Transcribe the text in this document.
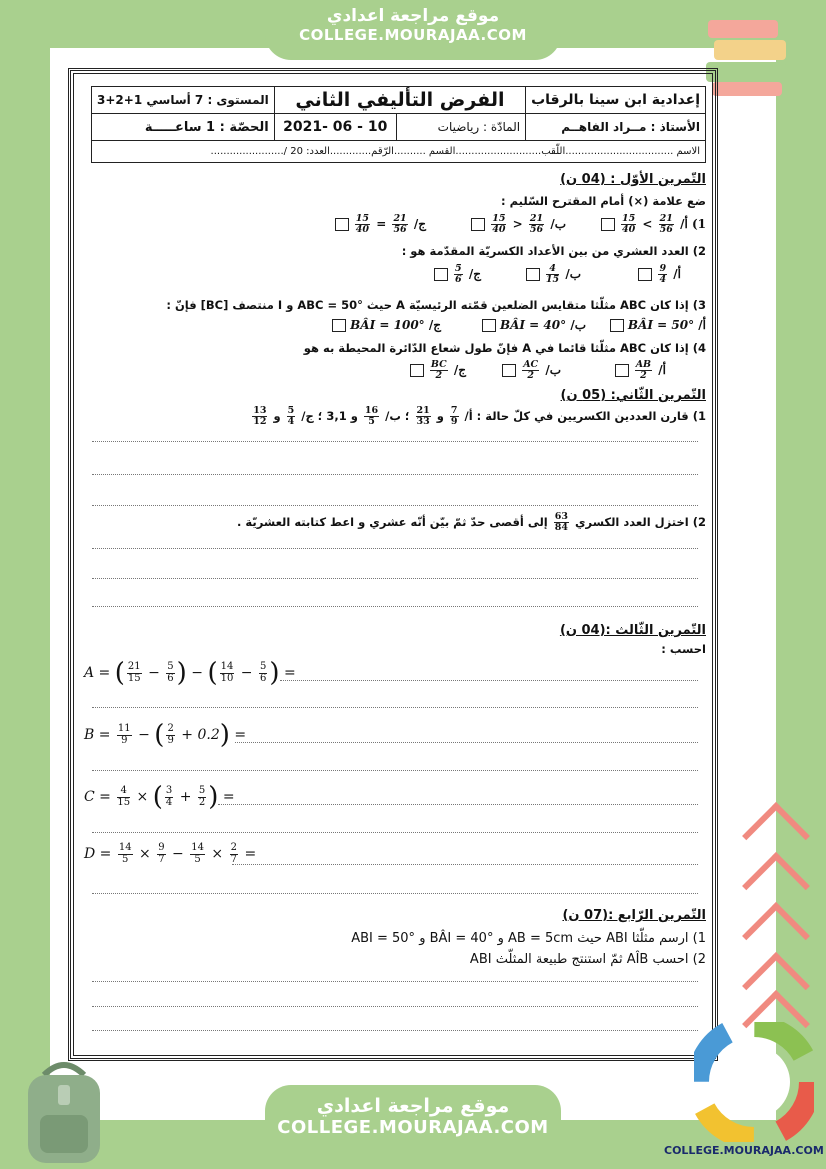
موقع مراجعة اعدادي
COLLEGE.MOURAJAA.COM
إعدادية ابن سينا بالرقاب	الفرض التأليفي الثاني		المستوى : 7 أساسي 1+2+3
الأستاذ : مــراد الفاهــم	المادّة : رياضيات	2021- 06 - 10	الحصّة : 1 ساعـــــة
الاسم ..................................اللّقب...........................القسم ..........الرّقم.............العدد: 20 /.......................			
التّمرين الأوّل : (04 ن)
ضع علامة (×) أمام المقترح السّليم :
1) أ/
$\frac{15}{40} < \frac{21}{56}$
ب/
$\frac{15}{40} > \frac{21}{56}$
ج/
$\frac{15}{40} = \frac{21}{56}$
2) العدد العشري من بين الأعداد الكسريّة المقدّمة هو :
أ/
$\frac{9}{4}$
ب/
$\frac{4}{15}$
ج/
$\frac{5}{6}$
3) إذا كان ABC مثلّثا متقايس الضلعين قمّته الرئيسيّة A حيث ABC = 50° و I منتصف [BC] فإنّ :
أ/ BÂI = 50°
ب/ BÂI = 40°
ج/ BÂI = 100°
4) إذا كان ABC مثلّثا قائما في A فإنّ طول شعاع الدّائرة المحيطة به هو
أ/
$\frac{AB}{2}$
ب/
$\frac{AC}{2}$
ج/
$\frac{BC}{2}$
التّمرين الثّاني: (05 ن)
1) قارن العددين الكسريين في كلّ حالة : أ/
$\frac{7}{9}$
و
$\frac{21}{33}$
؛ ب/
$\frac{16}{5}$
و 3,1 ؛ ج/
$\frac{5}{4}$
و
$\frac{13}{12}$
2) اختزل العدد الكسري
$\frac{63}{84}$
إلى أقصى حدّ ثمّ بيّن أنّه عشري و اعط كتابته العشريّة .
التّمرين الثّالث :(04 ن)
احسب :
A = ( $\frac{21}{15} - \frac{5}{6}$ ) − ( $\frac{14}{10} - \frac{5}{6}$ ) =
$B = \frac{11}{9}$ − ( $\frac{2}{9} + 0.2$) =
$C = \frac{4}{15}$ × ( $\frac{3}{4} + \frac{5}{2}$ ) =
$D = \frac{14}{5} \times \frac{9}{7} - \frac{14}{5} \times \frac{2}{7}$ =
التّمرين الرّابع :(07 ن)
1) ارسم مثلّثا ABI حيث AB = 5cm و BÂI = 40° و ABI = 50°
2) احسب AÎB ثمّ استنتج طبيعة المثلّث ABI
موقع مراجعة اعدادي
COLLEGE.MOURAJAA.COM
COLLEGE.MOURAJAA.COM
